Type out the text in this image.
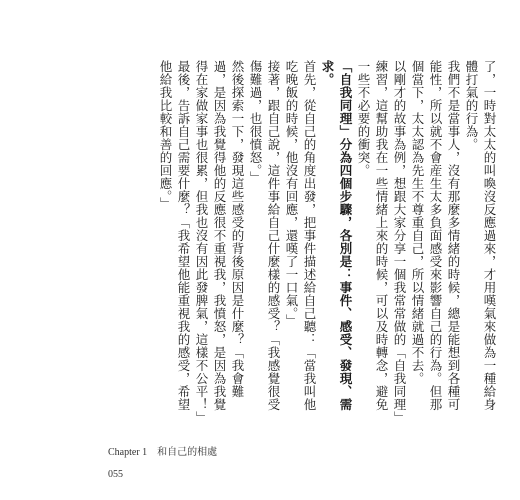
了，一時對太太的叫喚沒反應過來，才用嘆氣來做為一種給身體打氣的行為。

我們不是當事人，沒有那麼多情緒的時候，總是能想到各種可能性，所以就不會産生太多負面感受來影響自己的行為。但那個當下，太太認為先生不尊重自己，所以情緒就過不去。

以剛才的故事為例，想跟大家分享一個我常常做的「自我同理」練習，這幫助我在一些情緒上來的時候，可以及時轉念，避免一些不必要的衝突。

「自我同理」分為四個步驟，各別是：事件、感受、發現、需求。

首先，從自己的角度出發，把事件描述給自己聽：「當我叫他吃晚飯的時候，他沒有回應，還嘆了一口氣。」

接著，跟自己說，這件事給自己什麼樣的感受？「我感覺很受傷難過，也很憤怒。」

然後探索一下，發現這些感受的背後原因是什麼？「我會難過，是因為我覺得他的反應很不重視我，我憤怒，是因為我覺得在家做家事也很累，但我也沒有因此發脾氣，這樣不公平！」

最後，告訴自己需要什麼？「我希望他能重視我的感受，希望他給我比較和善的回應。」

Chapter 1 和自己的相處
055
